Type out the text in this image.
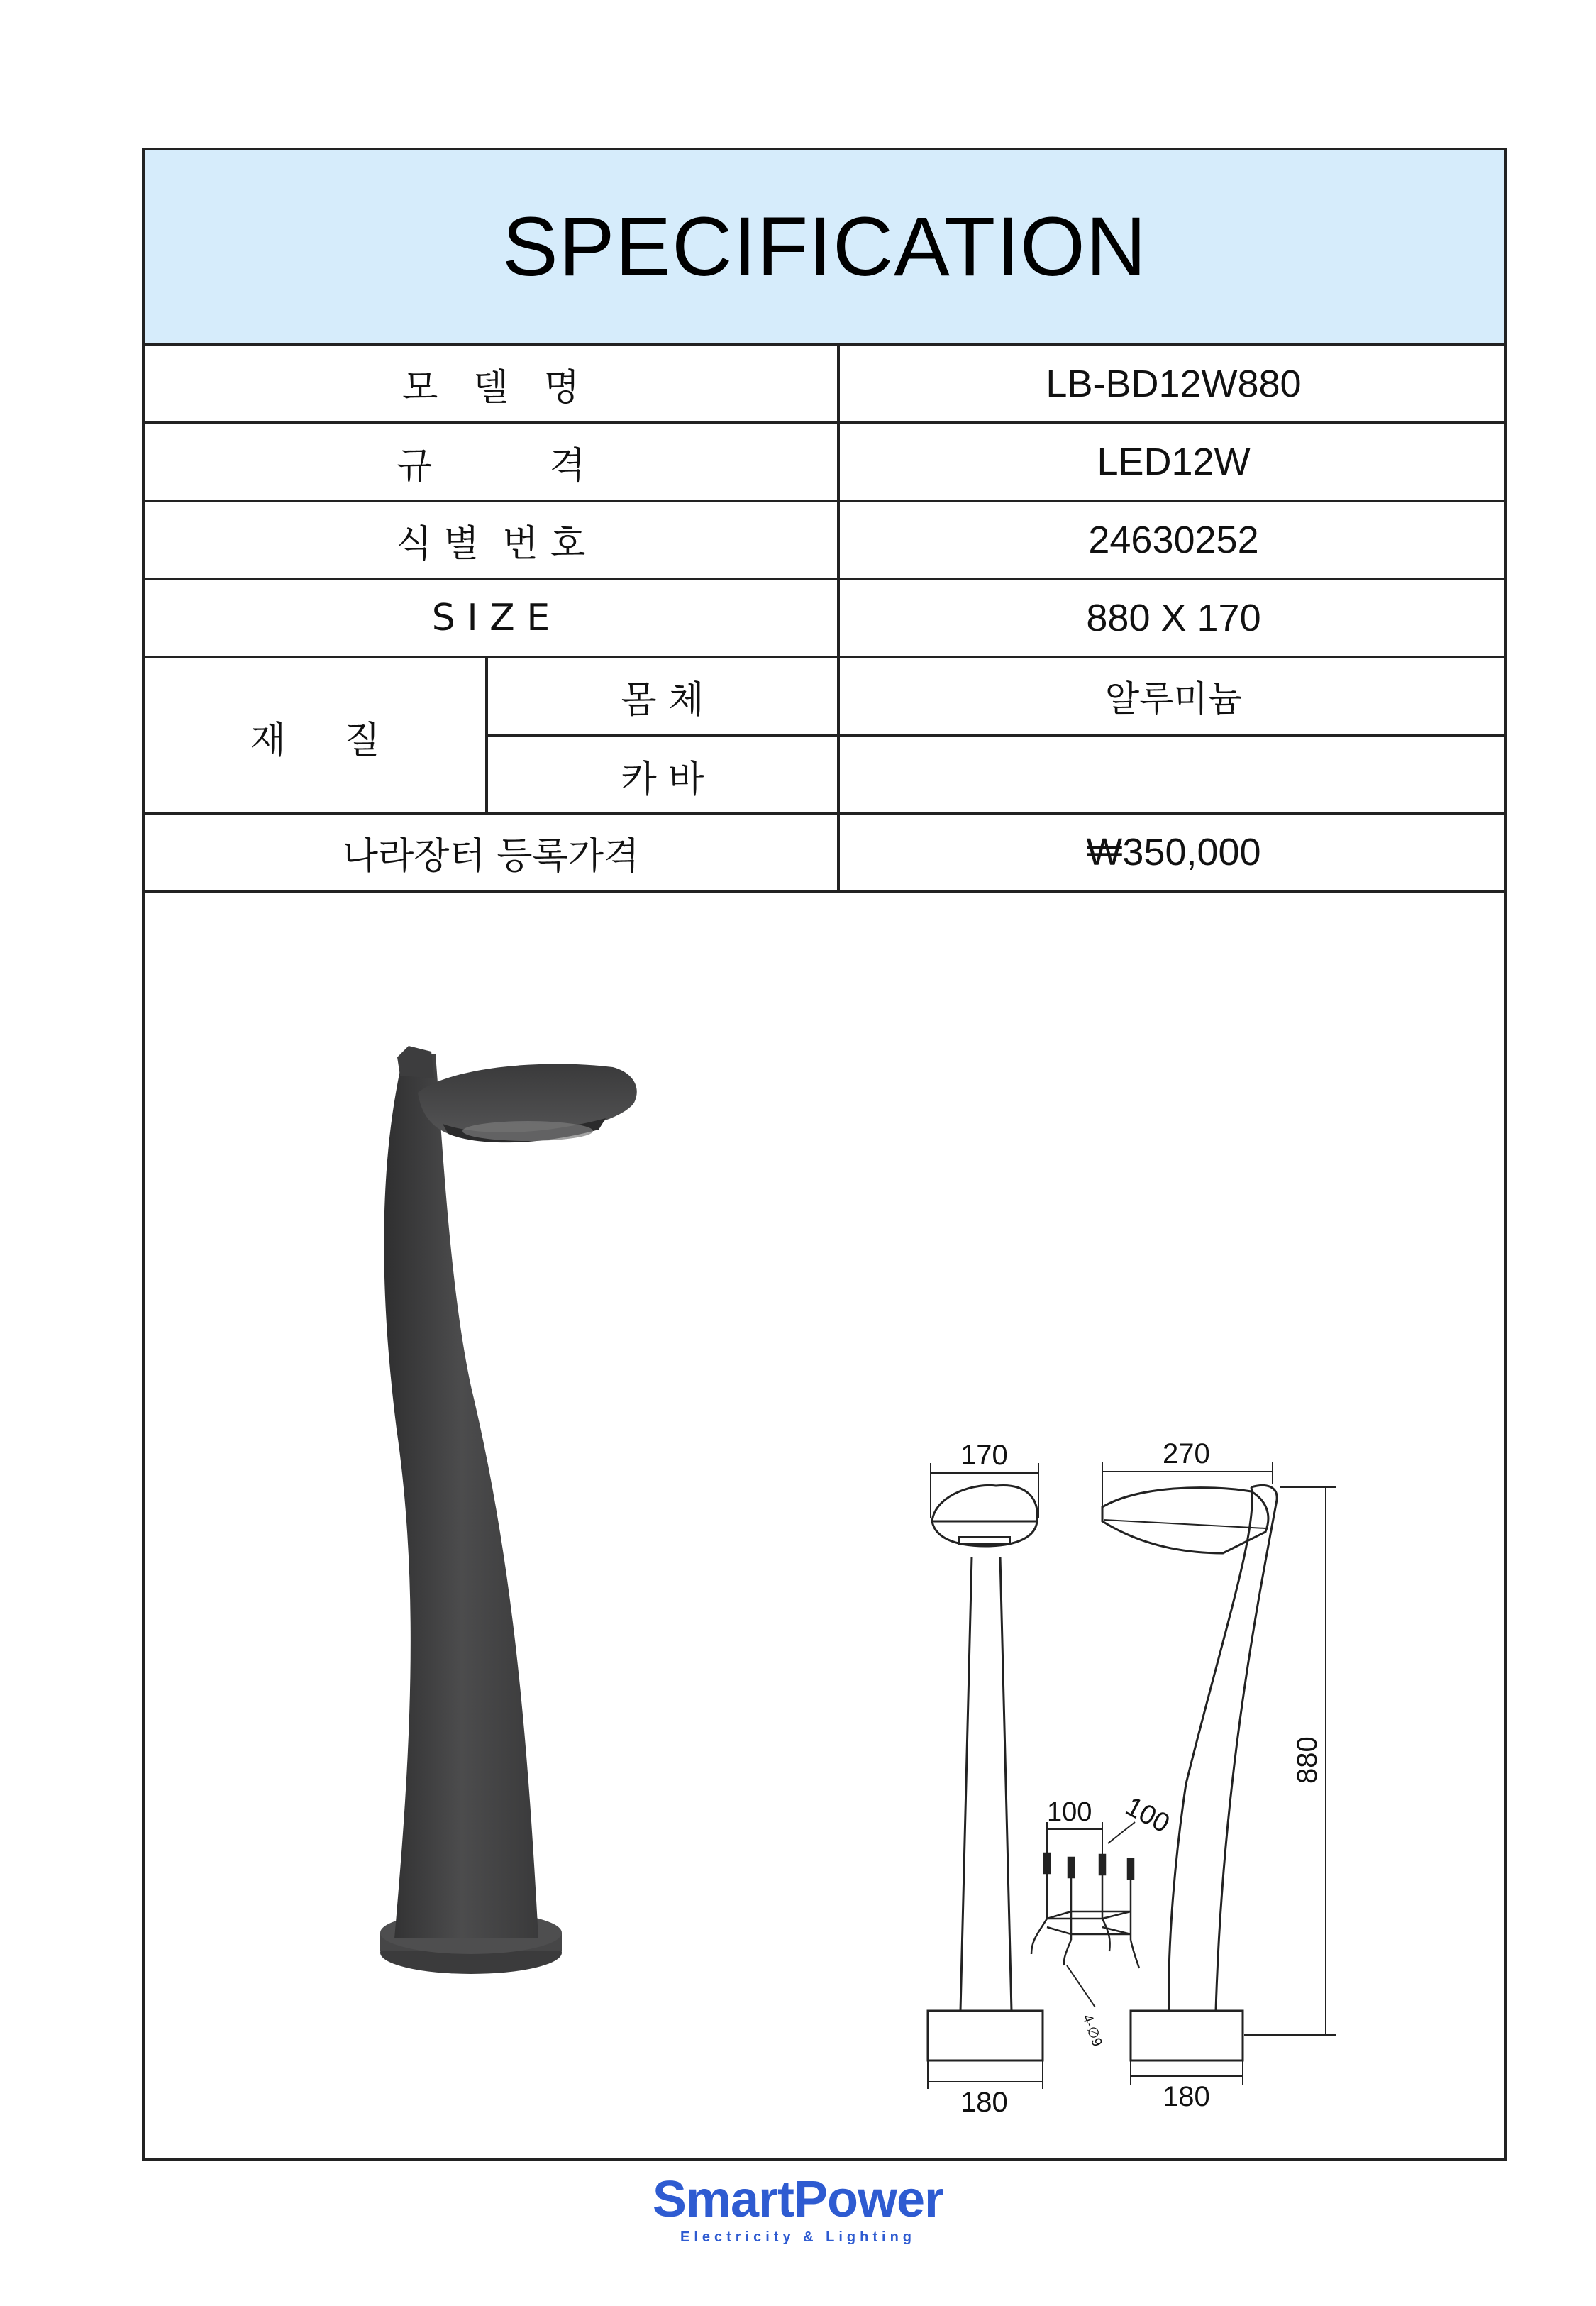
SPECIFICATION
모   델   명	LB-BD12W880
규          격	LED12W
식 별  번 호	24630252
S I Z E	880 X 170
재     질
몸 체	알루미늄
카 바
나라장터 등록가격	₩350,000
170	270
180	180
100 100
4-∅9
880
SmartPower
Electricity & Lighting
